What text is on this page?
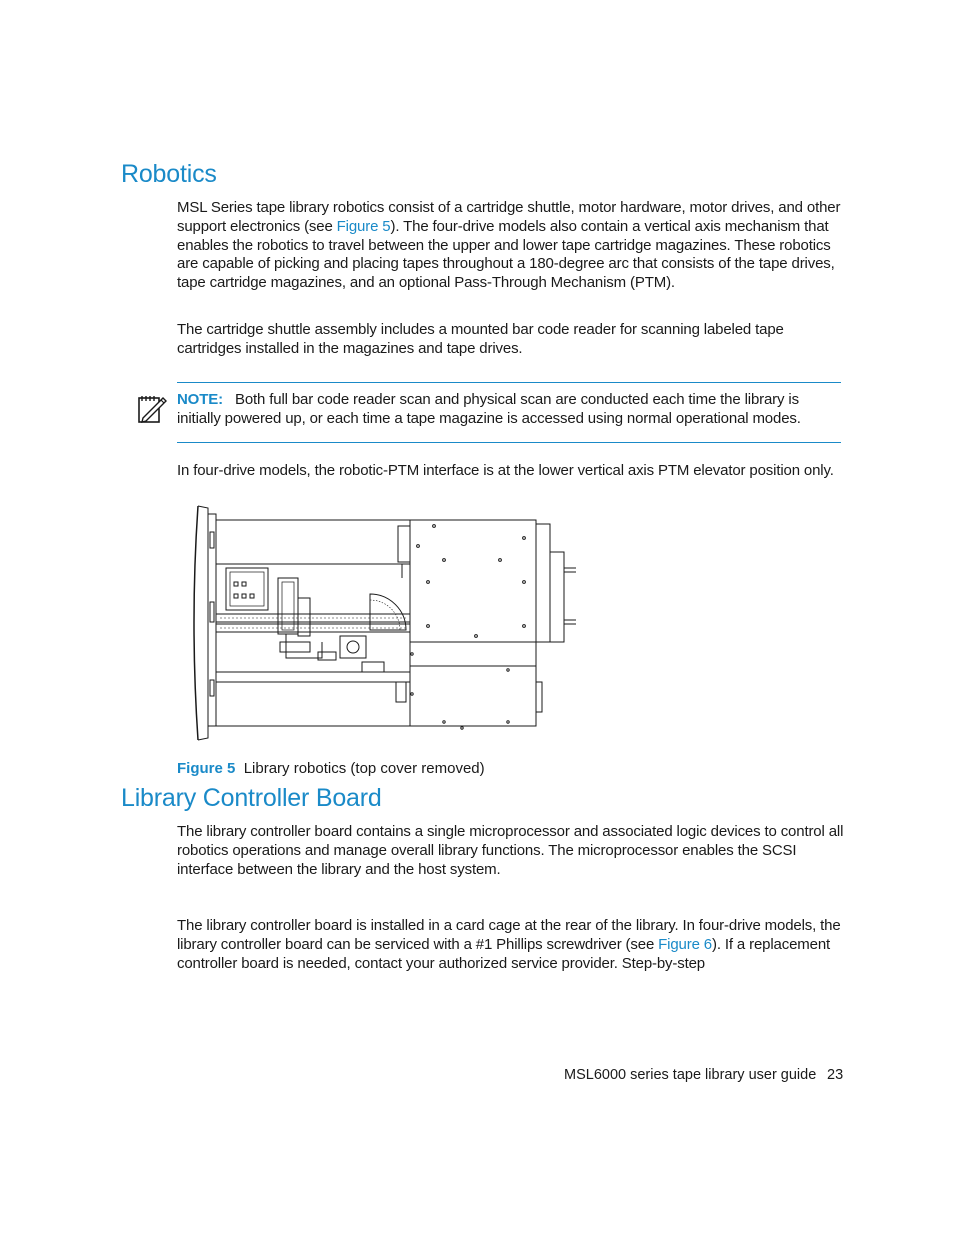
Robotics

MSL Series tape library robotics consist of a cartridge shuttle, motor hardware, motor drives, and other support electronics (see Figure 5). The four-drive models also contain a vertical axis mechanism that enables the robotics to travel between the upper and lower tape cartridge magazines. These robotics are capable of picking and placing tapes throughout a 180-degree arc that consists of the tape drives, tape cartridge magazines, and an optional Pass-Through Mechanism (PTM).

The cartridge shuttle assembly includes a mounted bar code reader for scanning labeled tape cartridges installed in the magazines and tape drives.

NOTE: Both full bar code reader scan and physical scan are conducted each time the library is initially powered up, or each time a tape magazine is accessed using normal operational modes.

In four-drive models, the robotic-PTM interface is at the lower vertical axis PTM elevator position only.

Figure 5 Library robotics (top cover removed)

Library Controller Board

The library controller board contains a single microprocessor and associated logic devices to control all robotics operations and manage overall library functions. The microprocessor enables the SCSI interface between the library and the host system.

The library controller board is installed in a card cage at the rear of the library. In four-drive models, the library controller board can be serviced with a #1 Phillips screwdriver (see Figure 6). If a replacement controller board is needed, contact your authorized service provider. Step-by-step

MSL6000 series tape library user guide 23
